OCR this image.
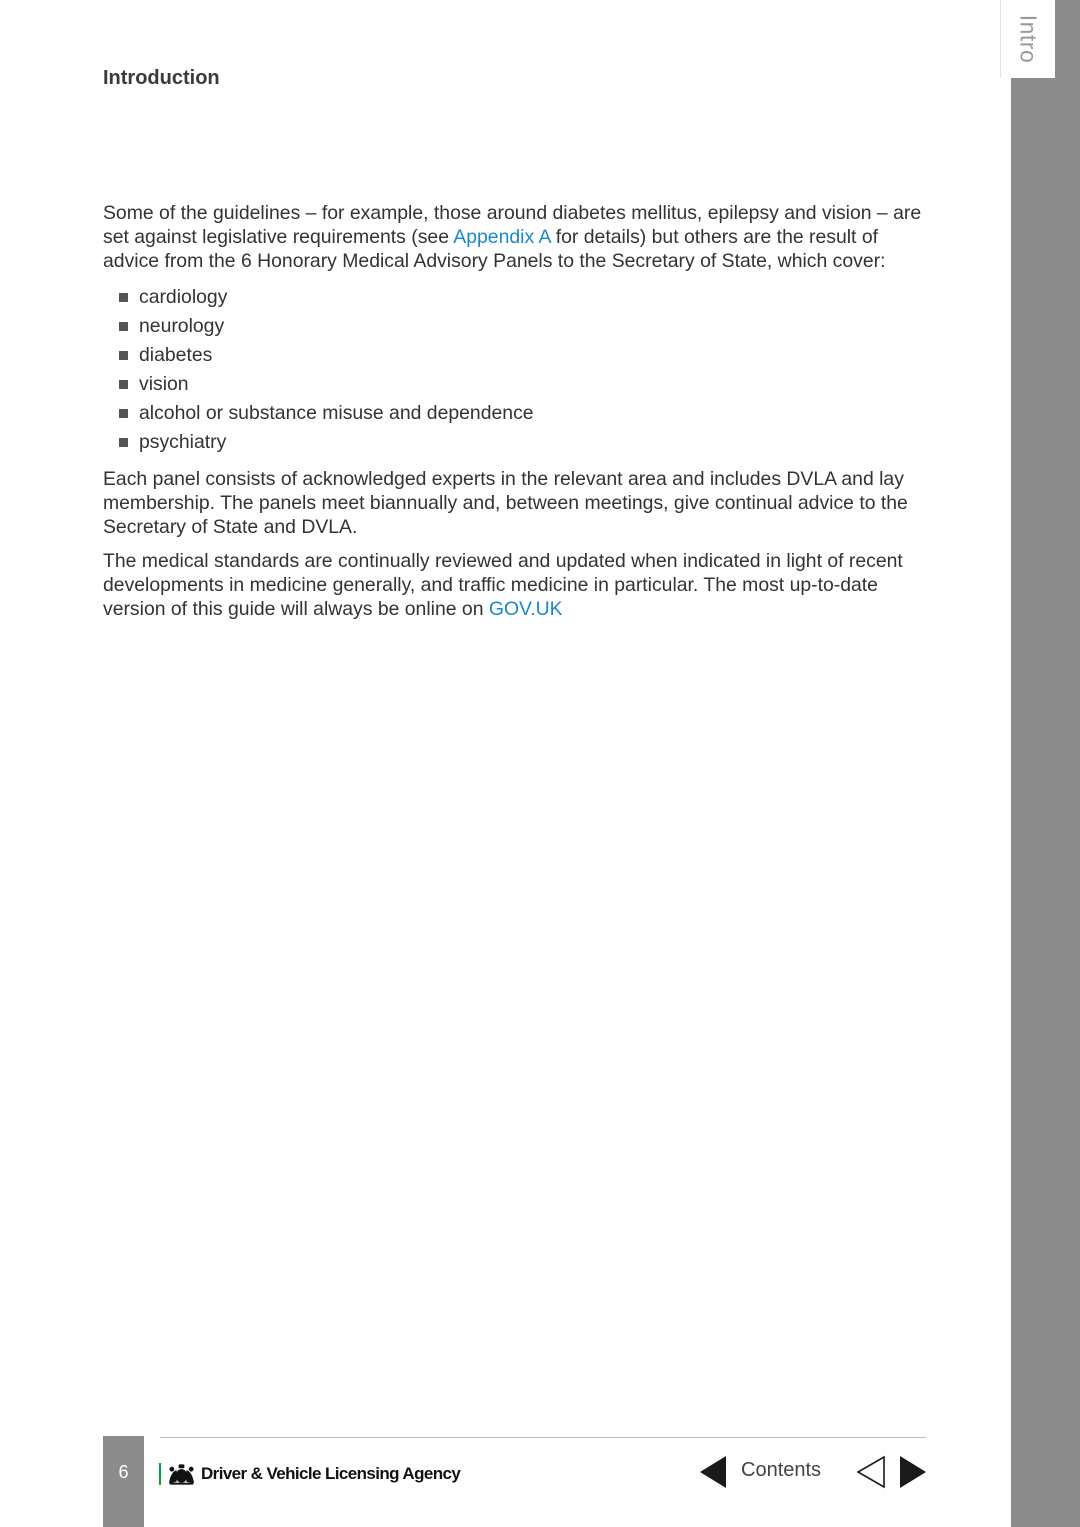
Intro
Introduction

Some of the guidelines – for example, those around diabetes mellitus, epilepsy and vision – are set against legislative requirements (see Appendix A for details) but others are the result of advice from the 6 Honorary Medical Advisory Panels to the Secretary of State, which cover:

cardiology
neurology
diabetes
vision
alcohol or substance misuse and dependence
psychiatry

Each panel consists of acknowledged experts in the relevant area and includes DVLA and lay membership. The panels meet biannually and, between meetings, give continual advice to the Secretary of State and DVLA.

The medical standards are continually reviewed and updated when indicated in light of recent developments in medicine generally, and traffic medicine in particular. The most up-to-date version of this guide will always be online on GOV.UK

6	Driver & Vehicle Licensing Agency	Contents
